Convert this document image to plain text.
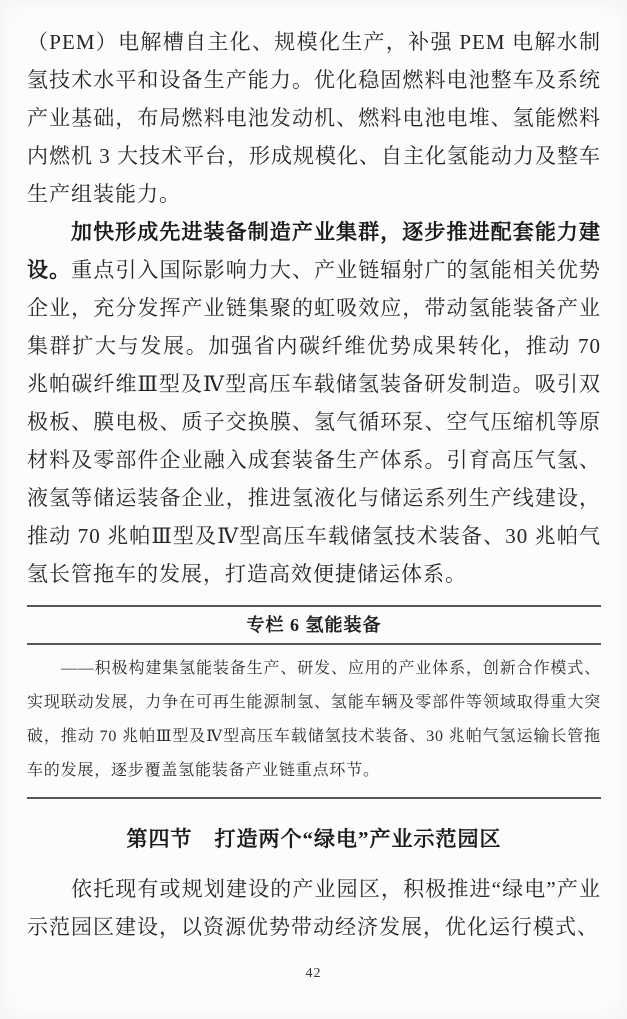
（PEM）电解槽自主化、规模化生产，补强 PEM 电解水制氢技术水平和设备生产能力。优化稳固燃料电池整车及系统产业基础，布局燃料电池发动机、燃料电池电堆、氢能燃料内燃机 3 大技术平台，形成规模化、自主化氢能动力及整车生产组装能力。

加快形成先进装备制造产业集群，逐步推进配套能力建设。重点引入国际影响力大、产业链辐射广的氢能相关优势企业，充分发挥产业链集聚的虹吸效应，带动氢能装备产业集群扩大与发展。加强省内碳纤维优势成果转化，推动 70 兆帕碳纤维Ⅲ型及Ⅳ型高压车载储氢装备研发制造。吸引双极板、膜电极、质子交换膜、氢气循环泵、空气压缩机等原材料及零部件企业融入成套装备生产体系。引育高压气氢、液氢等储运装备企业，推进氢液化与储运系列生产线建设，推动 70 兆帕Ⅲ型及Ⅳ型高压车载储氢技术装备、30 兆帕气氢长管拖车的发展，打造高效便捷储运体系。

专栏 6 氢能装备

——积极构建集氢能装备生产、研发、应用的产业体系，创新合作模式、实现联动发展，力争在可再生能源制氢、氢能车辆及零部件等领域取得重大突破，推动 70 兆帕Ⅲ型及Ⅳ型高压车载储氢技术装备、30 兆帕气氢运输长管拖车的发展，逐步覆盖氢能装备产业链重点环节。

第四节　打造两个“绿电”产业示范园区

依托现有或规划建设的产业园区，积极推进“绿电”产业示范园区建设，以资源优势带动经济发展，优化运行模式、

42
